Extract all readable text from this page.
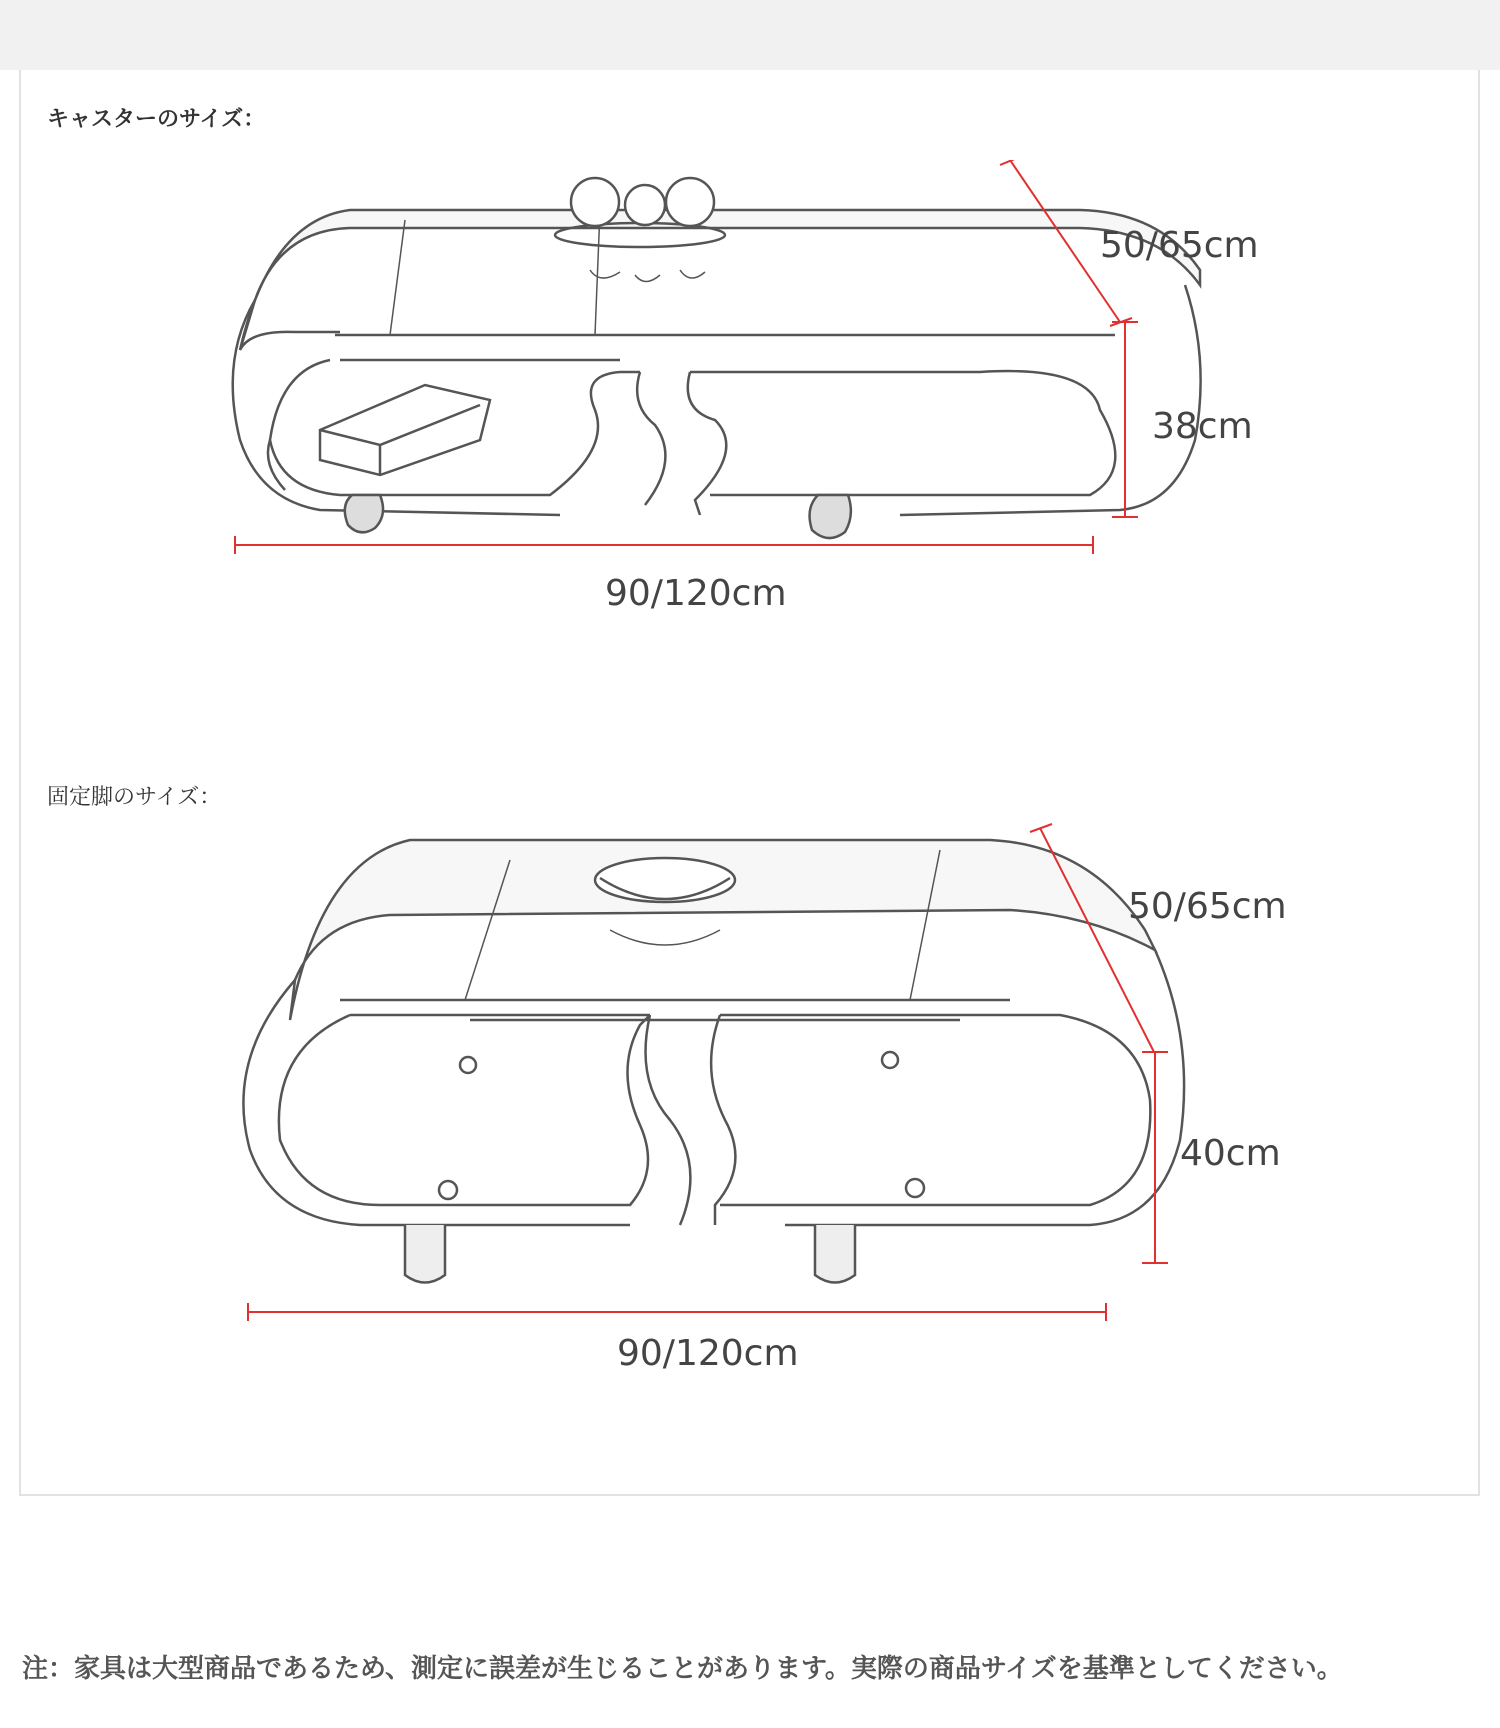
キャスターのサイズ：
50/65cm
38cm
90/120cm
固定脚のサイズ：
50/65cm
40cm
90/120cm
注：家具は大型商品であるため、測定に誤差が生じることがあります。実際の商品サイズを基準としてください。
